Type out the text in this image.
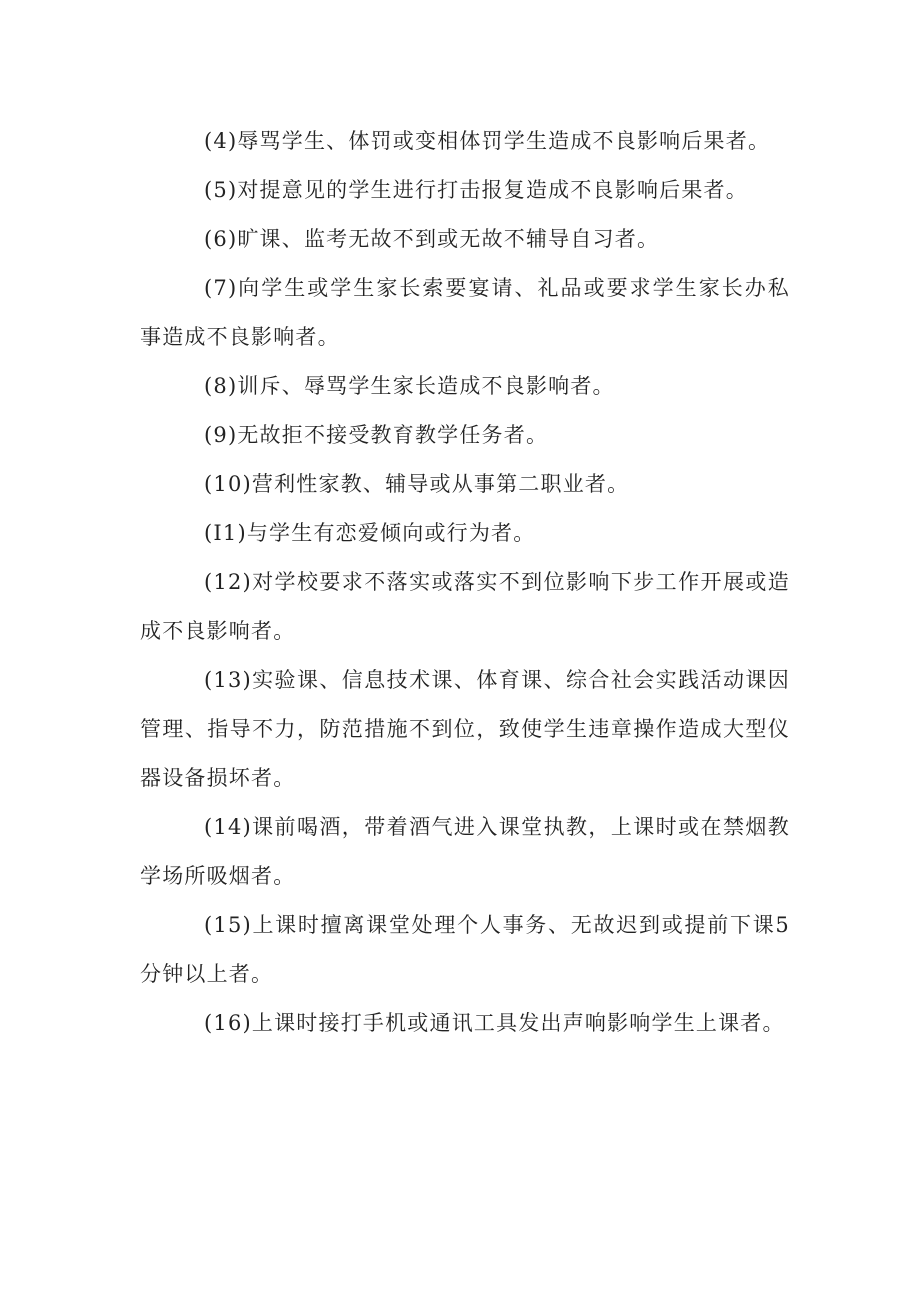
(4)辱骂学生、体罚或变相体罚学生造成不良影响后果者。

(5)对提意见的学生进行打击报复造成不良影响后果者。

(6)旷课、监考无故不到或无故不辅导自习者。

(7)向学生或学生家长索要宴请、礼品或要求学生家长办私事造成不良影响者。

(8)训斥、辱骂学生家长造成不良影响者。

(9)无故拒不接受教育教学任务者。

(10)营利性家教、辅导或从事第二职业者。

(I1)与学生有恋爱倾向或行为者。

(12)对学校要求不落实或落实不到位影响下步工作开展或造成不良影响者。

(13)实验课、信息技术课、体育课、综合社会实践活动课因管理、指导不力，防范措施不到位，致使学生违章操作造成大型仪器设备损坏者。

(14)课前喝酒，带着酒气进入课堂执教，上课时或在禁烟教学场所吸烟者。

(15)上课时擅离课堂处理个人事务、无故迟到或提前下课5分钟以上者。

(16)上课时接打手机或通讯工具发出声响影响学生上课者。
